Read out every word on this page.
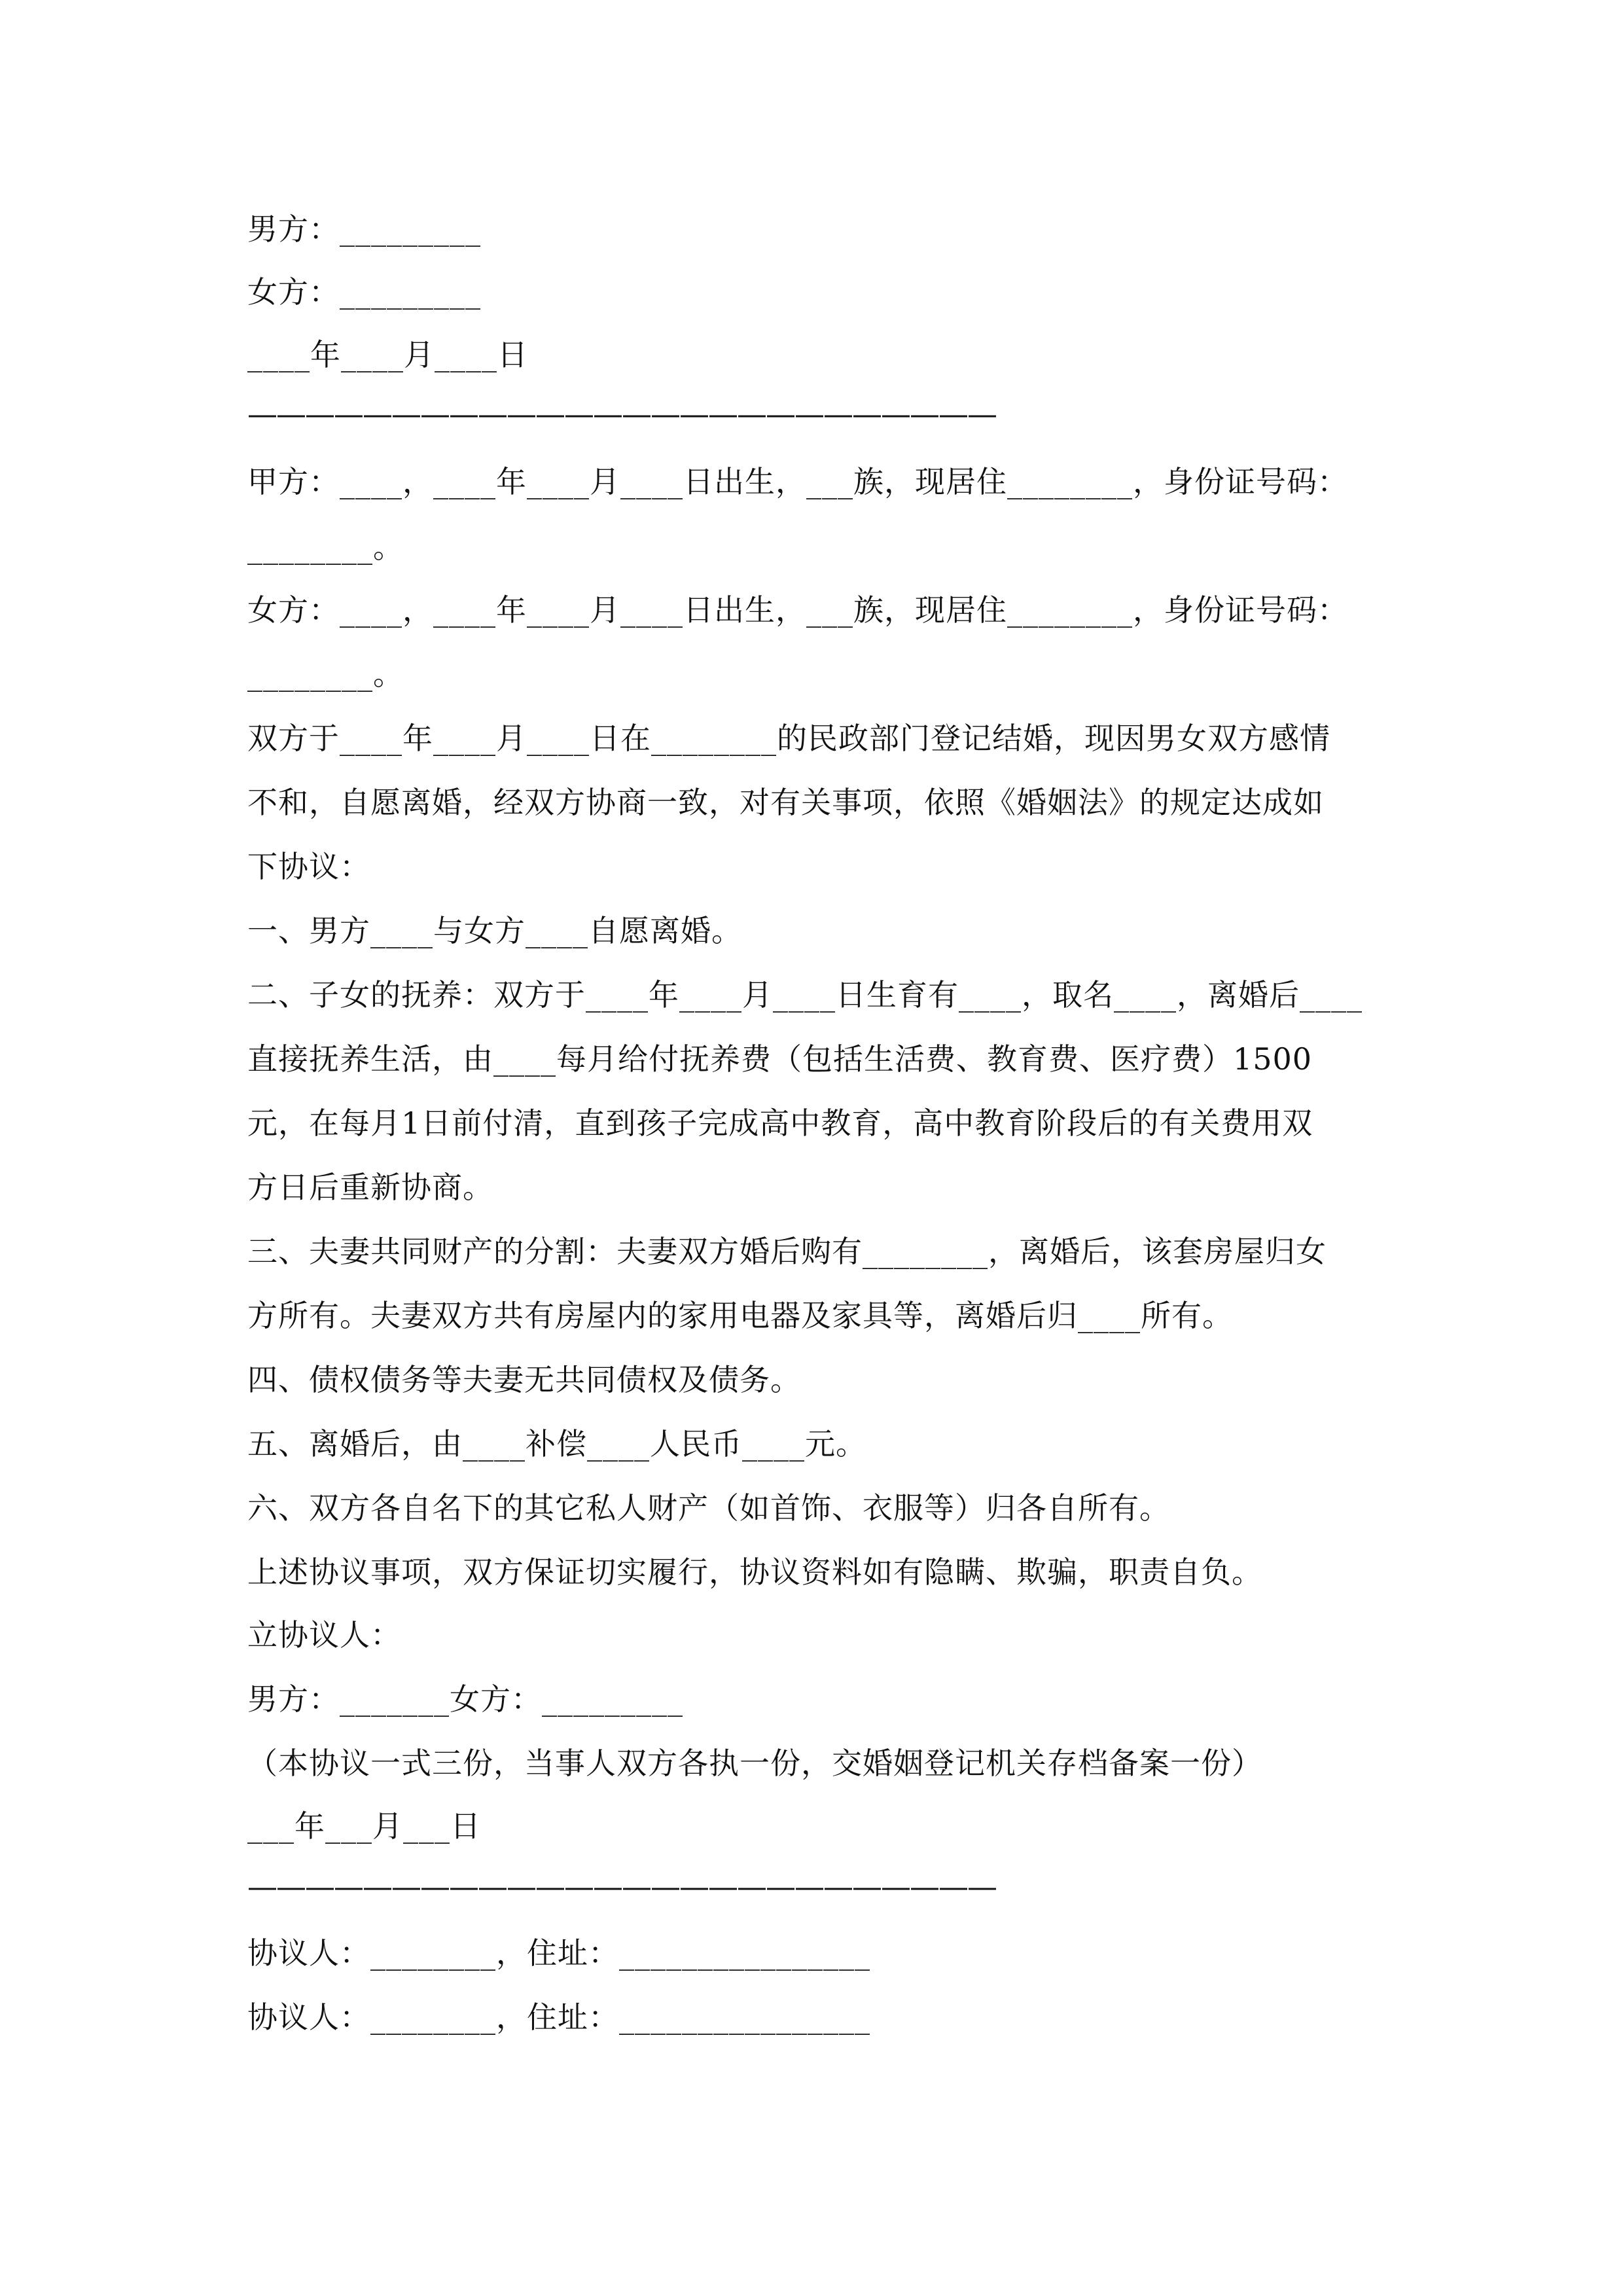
男方：_________
女方：_________
____年____月____日
——————————————————————————
甲方：____，____年____月____日出生，___族，现居住________，身份证号码：
________。
女方：____，____年____月____日出生，___族，现居住________，身份证号码：
________。
双方于____年____月____日在________的民政部门登记结婚，现因男女双方感情
不和，自愿离婚，经双方协商一致，对有关事项，依照《婚姻法》的规定达成如
下协议：
一、男方____与女方____自愿离婚。
二、子女的抚养：双方于____年____月____日生育有____，取名____，离婚后____
直接抚养生活，由____每月给付抚养费（包括生活费、教育费、医疗费）1500
元，在每月1日前付清，直到孩子完成高中教育，高中教育阶段后的有关费用双
方日后重新协商。
三、夫妻共同财产的分割：夫妻双方婚后购有________，离婚后，该套房屋归女
方所有。夫妻双方共有房屋内的家用电器及家具等，离婚后归____所有。
四、债权债务等夫妻无共同债权及债务。
五、离婚后，由____补偿____人民币____元。
六、双方各自名下的其它私人财产（如首饰、衣服等）归各自所有。
上述协议事项，双方保证切实履行，协议资料如有隐瞒、欺骗，职责自负。
立协议人：
男方：_______女方：_________
（本协议一式三份，当事人双方各执一份，交婚姻登记机关存档备案一份）
___年___月___日
——————————————————————————
协议人：________，住址：________________
协议人：________，住址：________________
